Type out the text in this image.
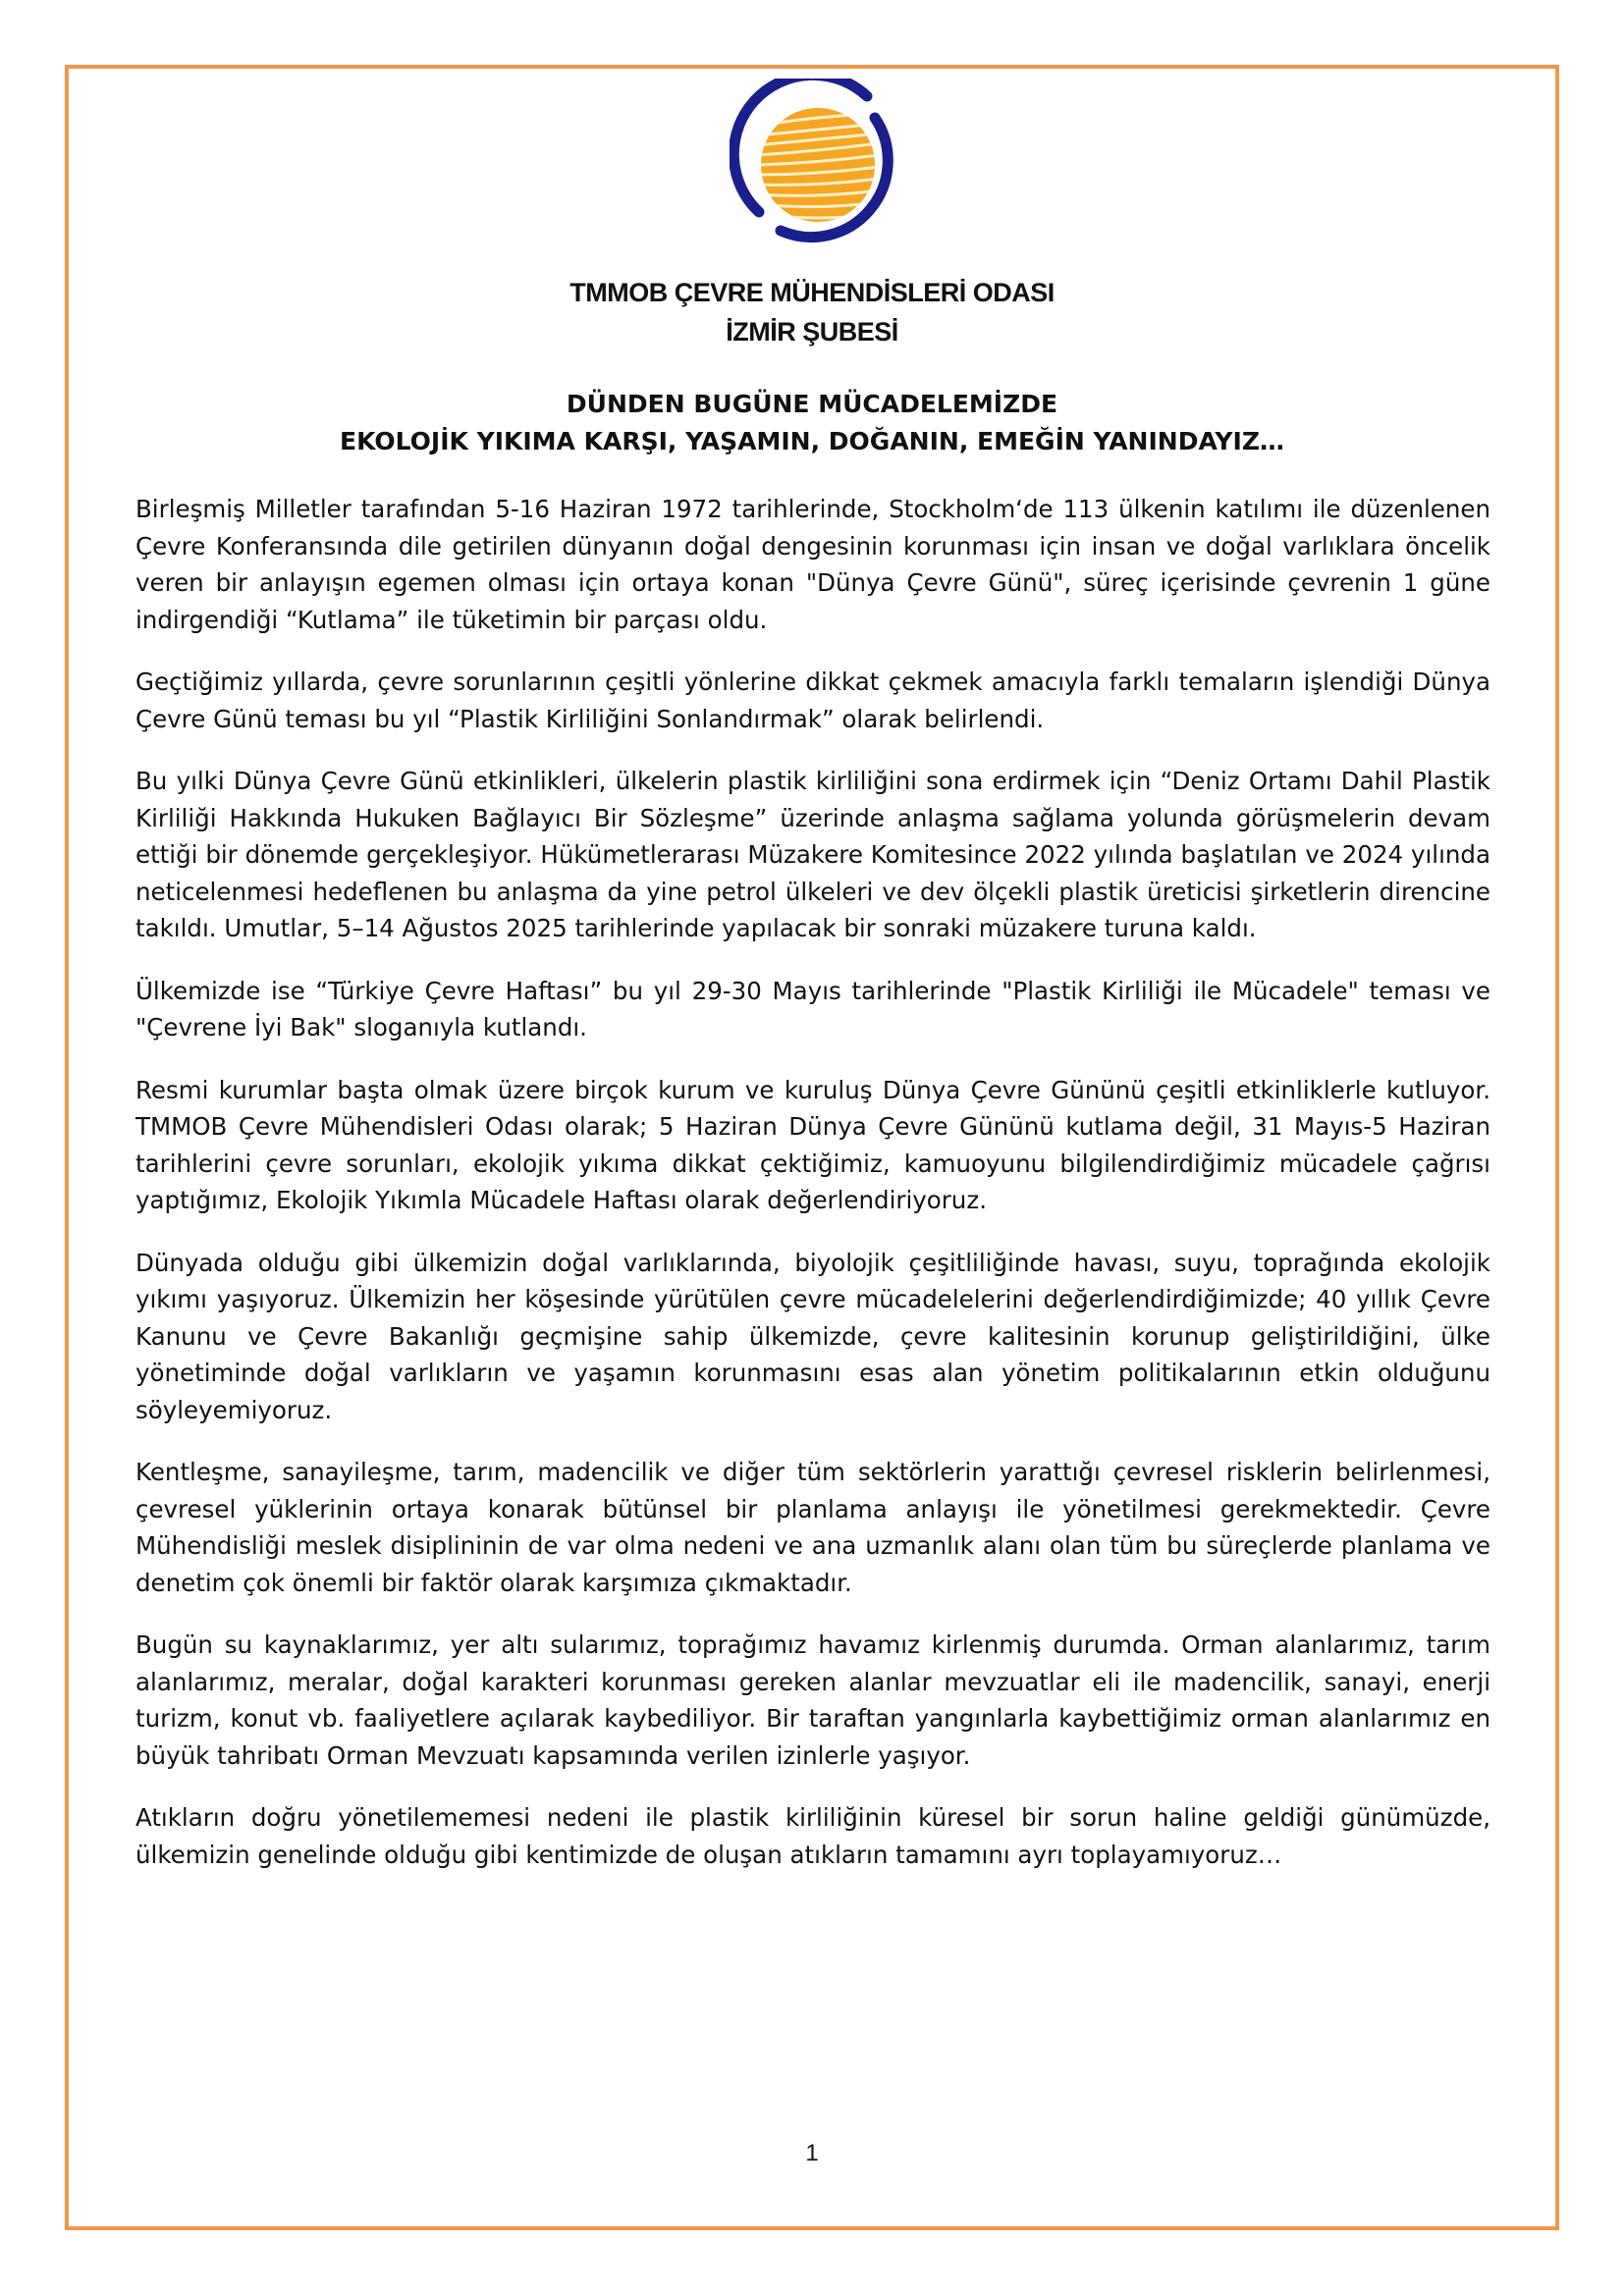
TMMOB ÇEVRE MÜHENDİSLERİ ODASI
İZMİR ŞUBESİ
DÜNDEN BUGÜNE MÜCADELEMİZDE
EKOLOJİK YIKIMA KARŞI, YAŞAMIN, DOĞANIN, EMEĞİN YANINDAYIZ…

Birleşmiş Milletler tarafından 5-16 Haziran 1972 tarihlerinde, Stockholm‘de 113 ülkenin katılımı ile düzenlenen Çevre Konferansında dile getirilen dünyanın doğal dengesinin korunması için insan ve doğal varlıklara öncelik veren bir anlayışın egemen olması için ortaya konan "Dünya Çevre Günü", süreç içerisinde çevrenin 1 güne indirgendiği “Kutlama” ile tüketimin bir parçası oldu.

Geçtiğimiz yıllarda, çevre sorunlarının çeşitli yönlerine dikkat çekmek amacıyla farklı temaların işlendiği Dünya Çevre Günü teması bu yıl “Plastik Kirliliğini Sonlandırmak” olarak belirlendi.

Bu yılki Dünya Çevre Günü etkinlikleri, ülkelerin plastik kirliliğini sona erdirmek için “Deniz Ortamı Dahil Plastik Kirliliği Hakkında Hukuken Bağlayıcı Bir Sözleşme” üzerinde anlaşma sağlama yolunda görüşmelerin devam ettiği bir dönemde gerçekleşiyor. Hükümetlerarası Müzakere Komitesince 2022 yılında başlatılan ve 2024 yılında neticelenmesi hedeflenen bu anlaşma da yine petrol ülkeleri ve dev ölçekli plastik üreticisi şirketlerin direncine takıldı. Umutlar, 5–14 Ağustos 2025 tarihlerinde yapılacak bir sonraki müzakere turuna kaldı.

Ülkemizde ise “Türkiye Çevre Haftası” bu yıl 29-30 Mayıs tarihlerinde "Plastik Kirliliği ile Mücadele" teması ve "Çevrene İyi Bak" sloganıyla kutlandı.

Resmi kurumlar başta olmak üzere birçok kurum ve kuruluş Dünya Çevre Gününü çeşitli etkinliklerle kutluyor. TMMOB Çevre Mühendisleri Odası olarak; 5 Haziran Dünya Çevre Gününü kutlama değil, 31 Mayıs-5 Haziran tarihlerini çevre sorunları, ekolojik yıkıma dikkat çektiğimiz, kamuoyunu bilgilendirdiğimiz mücadele çağrısı yaptığımız, Ekolojik Yıkımla Mücadele Haftası olarak değerlendiriyoruz.

Dünyada olduğu gibi ülkemizin doğal varlıklarında, biyolojik çeşitliliğinde havası, suyu, toprağında ekolojik yıkımı yaşıyoruz. Ülkemizin her köşesinde yürütülen çevre mücadelelerini değerlendirdiğimizde; 40 yıllık Çevre Kanunu ve Çevre Bakanlığı geçmişine sahip ülkemizde, çevre kalitesinin korunup geliştirildiğini, ülke yönetiminde doğal varlıkların ve yaşamın korunmasını esas alan yönetim politikalarının etkin olduğunu söyleyemiyoruz.

Kentleşme, sanayileşme, tarım, madencilik ve diğer tüm sektörlerin yarattığı çevresel risklerin belirlenmesi, çevresel yüklerinin ortaya konarak bütünsel bir planlama anlayışı ile yönetilmesi gerekmektedir. Çevre Mühendisliği meslek disiplininin de var olma nedeni ve ana uzmanlık alanı olan tüm bu süreçlerde planlama ve denetim çok önemli bir faktör olarak karşımıza çıkmaktadır.

Bugün su kaynaklarımız, yer altı sularımız, toprağımız havamız kirlenmiş durumda. Orman alanlarımız, tarım alanlarımız, meralar, doğal karakteri korunması gereken alanlar mevzuatlar eli ile madencilik, sanayi, enerji turizm, konut vb. faaliyetlere açılarak kaybediliyor. Bir taraftan yangınlarla kaybettiğimiz orman alanlarımız en büyük tahribatı Orman Mevzuatı kapsamında verilen izinlerle yaşıyor.

Atıkların doğru yönetilememesi nedeni ile plastik kirliliğinin küresel bir sorun haline geldiği günümüzde, ülkemizin genelinde olduğu gibi kentimizde de oluşan atıkların tamamını ayrı toplayamıyoruz…

1
